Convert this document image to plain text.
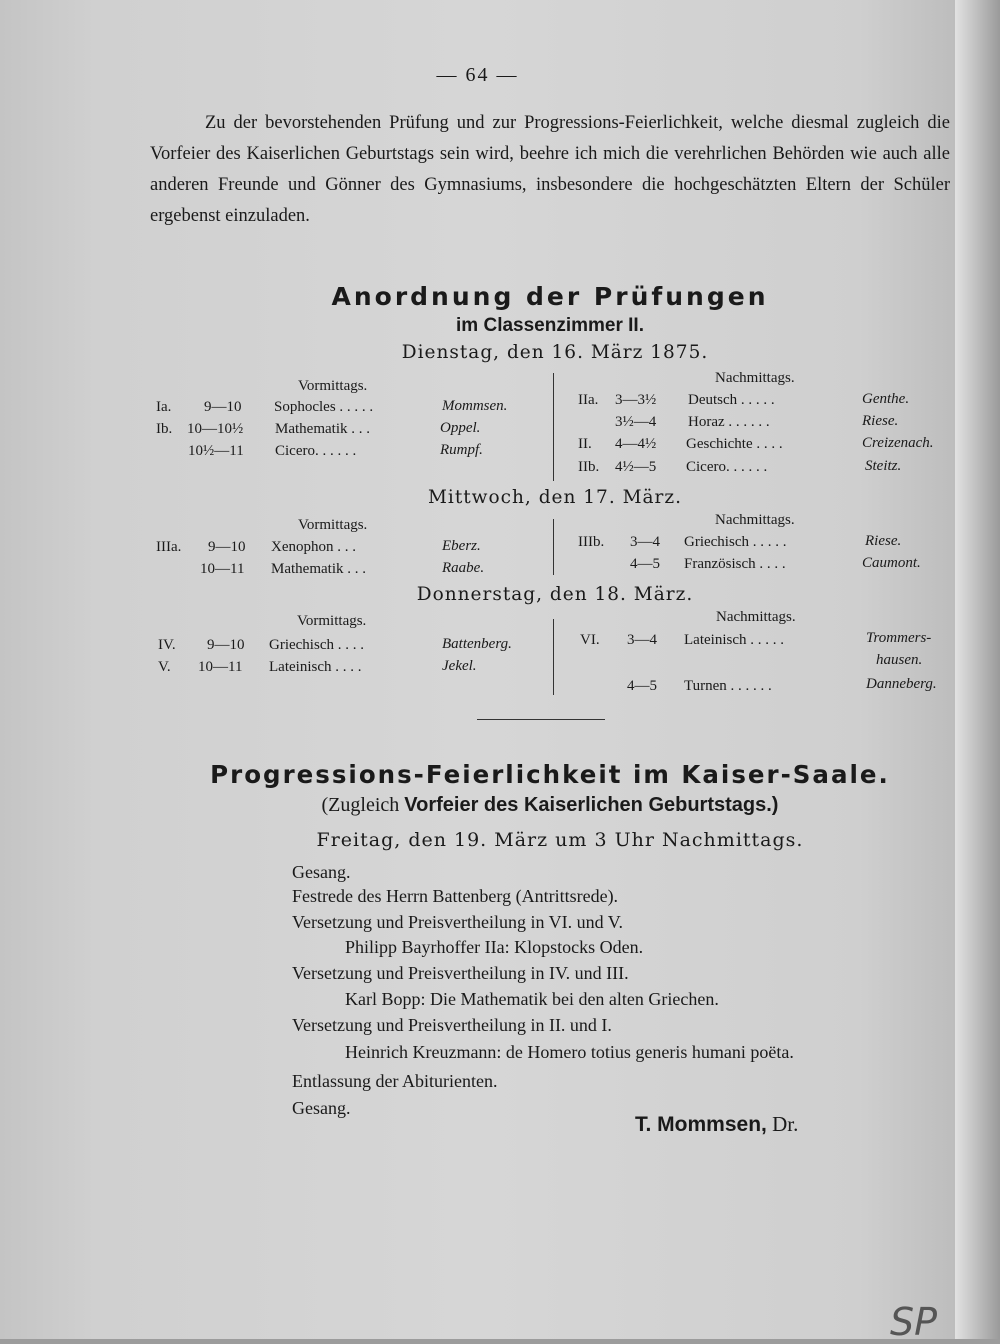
— 64 —

Zu der bevorstehenden Prüfung und zur Progressions-Feierlichkeit, welche diesmal zugleich die Vorfeier des Kaiserlichen Geburtstags sein wird, beehre ich mich die verehrlichen Behörden wie auch alle anderen Freunde und Gönner des Gymnasiums, insbesondere die hochgeschätzten Eltern der Schüler ergebenst einzuladen.

Anordnung der Prüfungen
im Classenzimmer II.
Dienstag, den 16. März 1875.
Vormittags.	Nachmittags.
Ia. 9—10 Sophocles . . . . .	Mommsen.
Ib. 10—10½ Mathematik . . .	Oppel.
10½—11 Cicero. . . . . .	Rumpf.
IIa. 3—3½ Deutsch . . . . .	Genthe.
3½—4 Horaz . . . . . .	Riese.
II. 4—4½ Geschichte . . . .	Creizenach.
IIb. 4½—5 Cicero. . . . . .	Steitz.
Mittwoch, den 17. März.
Vormittags.	Nachmittags.
IIIa. 9—10 Xenophon . . .	Eberz.
10—11 Mathematik . . .	Raabe.
IIIb. 3—4 Griechisch . . . . .	Riese.
4—5 Französisch . . . .	Caumont.
Donnerstag, den 18. März.
Vormittags.	Nachmittags.
IV. 9—10 Griechisch . . . .	Battenberg.
V. 10—11 Lateinisch . . . .	Jekel.
VI. 3—4 Lateinisch . . . . .	Trommers-
hausen.
4—5 Turnen . . . . . .	Danneberg.
Progressions-Feierlichkeit im Kaiser-Saale.
(Zugleich Vorfeier des Kaiserlichen Geburtstags.)
Freitag, den 19. März um 3 Uhr Nachmittags.
Gesang.
Festrede des Herrn Battenberg (Antrittsrede).
Versetzung und Preisvertheilung in VI. und V.
Philipp Bayrhoffer IIa: Klopstocks Oden.
Versetzung und Preisvertheilung in IV. und III.
Karl Bopp: Die Mathematik bei den alten Griechen.
Versetzung und Preisvertheilung in II. und I.
Heinrich Kreuzmann: de Homero totius generis humani poëta.
Entlassung der Abiturienten.
Gesang.
T. Mommsen, Dr.
SP
